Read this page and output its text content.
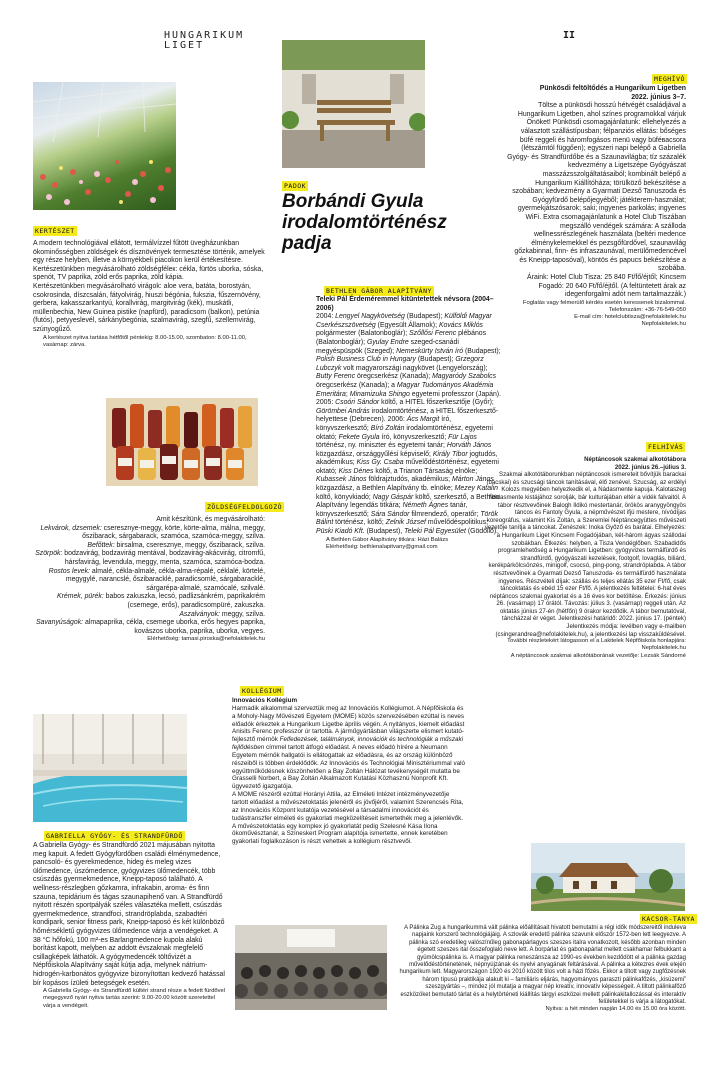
HUNGARIKUM
LIGET
II
KERTÉSZET

A modern technológiával ellátott, termálvízzel fűtött üvegházunkban ökominősségben zöldségek és dísznövények termesztése történik, amelyek egy része helyben, illetve a környékbeli piacokon kerül értékesítésre.

Kertészetünkben megvásárolható zöldségféleк: cékla, fürtös uborka, sóska, spenót, TV paprika, zöld erős paprika, zöld kápia.

Kertészetünkben megvásárolható virágok: aloe vera, batáta, borostyán, csokrosinda, díszcsalán, fátyolvirág, hiuszi bégónia, fukszia, fűszernövény, gerbera, kakasszarkantyú, korallvirág, margitvirág (kék), muskátli, müllenbechia, New Guinea pistike (napfürd), paradicsom (balkon), petúnia (futós), petyyeslevél, sárkánybegónia, szalmavirág, szegfű, szellemvirág, szúnyogűző.

A kertészet nyitva tartása hétfőtől péntekig: 8.00-15.00, szombaton: 8.00-11.00, vasárnap: zárva.

ZÖLDSÉGFELDOLGOZÓ

Amit készítünk, és megvásárolható:

Lekvárok, dzsemek: cseresznye-meggy, körte, körte-alma, málna, meggy, őszibarack, sárgabarack, szamóca, szamóca-meggy, szilva.

Befőttek: birsalma, cseresznye, meggy, őszibarack, szilva.

Szörpök: bodzavirág, bodzavirág mentával, bodzavirág-akácvirág, citromfű, hársfavirág, levendula, meggy, menta, szamóca, szamóca-bodza.

Rostos levek: almalé, cékla-almalé, cékla-alma-répalé, céklalé, körtelé, megygylé, narancslé, őszibaracklé, paradicsomlé, sárgabaracklé, sárgarépa-almalé, szamócalé, szilvalé.

Krémek, pürék: babos zakuszka, lecsó, padlizsánkrém, paprikakrém (csemege, erős), paradicsompüré, zakuszka.

Aszalványok: meggy, szilva.

Savanyúságok: almapaprika, cékla, csemege uborka, erős hegyes paprika, kovászos uborka, paprika, uborka, vegyes.

Elérhetőség: tamasi.piroska@nefolakitelek.hu

GABRIELLA GYÓGY- ÉS STRANDFÜRDŐ

A Gabriella Gyógy- és Strandfürdő 2021 májusában nyitotta meg kapuit. A fedett Gyógyfürdőben családi élménymedence, pancsoló- és gyerekmedence, hideg és meleg vizes ülőmedence, úszómedence, gyógyvizes ülőmedencék, több csúszdás gyermekmedence, Kneipp-taposó található. A wellness-részlegben gőzkamra, infrakabin, aroma- és finn szauna, tepidárium és tágas szaunapihenő van. A Strandfürdő nyitott részén sportpályák széles választéka mellett, csúszdás gyermekmedence, strandfoci, strandröplabda, szabadtéri kondipark, senior fitness park, Kneipp-taposó és két különböző hőmérsékletű gyógyvizes ülőmedence várja a vendégeket. A 38 °C hőfokú, 100 m²-es Barlangmedence kupola alakú borítást kapott, melyben az addott évszaknak megfelelő csillagképek láthatók. A gyógymedencék töltővizét a Népfőiskola Alapítvány saját kútja adja, melynek nátrium-hidrogén-karbonátos gyógyvize bizonyítottan kedvező hatással bír kopásos ízületi betegségek esetén.

A Gabriella Gyógy- és Strandfürdő kültéri strand része a fedett fürdővel megegyező nyári nyitva tartás szerint: 9.00-20.00 között szeretettel várja a vendégeit.

PADOK
Borbándi Gyula
irodalomtörténész
padja
BETHLEN GÁBOR ALAPÍTVÁNY

Teleki Pál Érdeméremmel kitüntetettek névsora (2004–2006)

2004: Lengyel Nagykövetség (Budapest); Külföldi Magyar Cserkészszövetség (Egyesült Államok); Kovács Miklós polgármester (Balatonboglár); Szőllősi Ferenc plébános (Balatonboglár); Gyulay Endre szeged-csanádi megyéspüspök (Szeged); Nemeskürty István író (Budapest); Polish Business Club in Hungary (Budapest); Grzegorz Lubczyk volt magyarországi nagykövet (Lengyelország); Butty Ferenc öregcserkész (Kanada); Magyaródy Szabolcs öregcserkész (Kanada); a Magyar Tudományos Akadémia Emeritára; Minamizuka Shingo egyetemi professzor (Japán). 2005: Csoóri Sándor költő, a HITEL főszerkesztője (Győr); Görömbei András irodalomtörténész, a HITEL főszerkesztő-helyettese (Debrecen). 2006: Ács Margit író, könyvszerkesztő; Bíró Zoltán irodalomtörténész, egyetemi oktató; Fekete Gyula író, könyvszerkesztő; Für Lajos történész, ny. miniszter és egyetemi tanár; Horváth János közgazdász, országgyűlési képviselő; Király Tibor jogtudós, akadémikus; Kiss Gy. Csaba művelődéstörténész, egyetemi oktató; Kiss Dénes költő, a Trianon Társaság elnöke; Kubassek János földrajztudós, akadémikus; Márton János közgazdász, a Bethlen Alapítvány tb. elnöke; Mezey Katalin költő, könyvkiadó; Nagy Gáspár költő, szerkesztő, a Bethlen Alapítvány legendás titkára; Németh Ágnes tanár, könyvszerkesztő; Sára Sándor filmrendező, operatőr; Török Bálint történész, költő; Zelnik József művelődéspolitikus; Püski Kiadó Kft. (Budapest), Teleki Pál Egyesület (Gödöllő).

A Bethlen Gábor Alapítvány titkára: Házi Balázs

Elérhetőség: bethlenalapitvany@gmail.com

KOLLÉGIUM

Innovációs Kollégium

Harmadik alkalommal szerveztük meg az Innovációs Kollégiumot. A Népfőiskola és a Moholy-Nagy Művészeti Egyetem (MOME) közös szervezésében ezúttal is neves előadók érkeztek a Hungarikum Ligetbe április végén. A nyitányos, kiemelt előadást Anisits Ferenc professzor úr tartotta. A járműgyártásban világszerte elismert kutató-fejlesztő mérnök Felfedezések, találmányok, innovációk és technológiák a műszaki fejlődésben címmel tartott átfogó előadást. A neves előadó hírére a Neumann Egyetem mérnök hallgatói is ellátogattak az előadásra, és az ország különböző részeiből is többen érdeklődők. Az Innovációs és Technológiai Minisztériummal való együttműködésnek köszönhetően a Bay Zoltán Hálózat tevékenységét mutatta be Grasselli Norbert, a Bay Zoltán Alkalmazott Kutatási Közhasznú Nonprofit Kft. ügyvezető igazgatója.

A MOME részéről ezúttal Horányi Attila, az Elméleti Intézet intézményvezetője tartott előadást a művészetoktatás jelenéről és jövőjéről, valamint Szerencsés Rita, az Innovációs Központ kutatója vezetésével a társadalmi innovációt és tudástranszfer elméleti és gyakorlati megközelítéseit ismertethék meg a jelenlévők. A művészetoktatás egy komplex jó gyakorlatát pedig Szelesné Kása Ilona ökoművésztanár, a Színeskert Program alapítója ismertette, ennek keretében gyakorlati foglalkozáson is részt vehettek a kollégium résztvevői.

MEGHÍVÓ

Pünkösdi feltöltődés a Hungarikum Ligetben

2022. június 3–7.

Töltse a pünkösdi hosszú hétvégét családjával a Hungarikum Ligetben, ahol színes programokkal várjuk Önöket! Pünkösdi csomagajánlatunk: ellehelyezés a választott szállástípusban; félpanziós ellátás: bőséges büfé reggeli és háromfogásos menü vagy büféвacsora (létszámtól függően); egyszeri napi belépő a Gabriella Gyógy- és Strandfürdőbe és a Szaunavilágba; tíz százalék kedvezmény a Ligetszépe Gyógyászat masszázsszolgáltatásaiból; kombinált belépő a Hungarikum Kiállítóháza; törülköző bekészítése a szobában; kedvezmény a Gyarmati Dezső Tanuszoda és Gyógyfürdő belépőjegyéből; játékterem-használat; gyermekjátszósarok; saki; ingyenes parkolás; ingyenes WiFi. Extra csomagajánlatunk a Hotel Club Tiszában megszálló vendégek számára: A szálloda wellnessrészlegének használata (beltéri medence élménykelemekkel és pezsgőfürdővel, szaunavilág gőzkabinnal, finn- és infraszaunával, merülőmedencével és Kneipp-taposóval), köntös és papucs bekészítése a szobába.

Áraink: Hotel Club Tisza: 25 840 Ft/fő/éjtől; Kincsem Fogadó: 20 640 Ft/fő/éjtől. (A feltüntetett árak az idegenforgalmi adót nem tartalmazzák.)

Foglalás vagy felmerülő kérdés esetén keressenek bizalommal.

Telefonszám: +36-76-549-050

E-mail cím: hotelclubtisza@nefolakitelek.hu

Nepfolakitelek.hu

FELHÍVÁS

Néptáncosok szakmai alkotótábora

2022. június 26.–július 3.

Szakmai alkotótáborunkban néptáncosok ismereteit bővítjük barackai (bácskai) és szucsági táncok tanításával, élő zenével. Szucság, az erdélyi Kolozs megyében helyezkedik el, a Nádasmente kapuja. Kalotaszeg Nádasmente kistájához sorolják, bár kulturájában eltér a vidék falvaitól. A tábor résztvevőinek Balogh Ildikó mestertanár, örökös aranygyöngyös táncos és Fantoly Gyula, a népművészet ifjú mestere, nívódíjas koreográfus, valamint Kis Zoltán, a Szeremlei Néptáncegyüttes művészeti vezetője tanítja a táncokat. Zenészek: Inoka Győző és barátai. Elhelyezés: a Hungarikum Liget Kincsem Fogadójában, két-három ágyas szállodai szobákban. Étkezés: helyben, a Tisza Vendéglőben. Szabadidős programlehetőség a Hungarikum Ligetben: gyógyvizes termálfürdő és strandfürdő, gyógyászati kezelések, footgolf, lovaglás, biliárd, kerékpárkölcsönzés, minigolf, csocsó, ping-pong, strandröplabda. A tábor résztvevőinek a Gyarmati Dezső Tanuszoda- és termálfürdő használata ingyenes. Részvételi díjak: szállás és teljes ellátás 35 ezer Ft/fő, csak táncoktatás és ebéd 15 ezer Ft/fő. A jelentkezés feltételei: 6-hat éves néptáncos szakmai gyakorlat és a 16 éves kor betöltése. Érkezés: június 26. (vasárnap) 17 órától. Távozás: július 3. (vasárnap) reggeli után. Az oktatás június 27-én (hétfőn) 9 órakor kezdődik. A tábor bemutatóval, táncházzal ér véget. Jelentkezési határidő: 2022. június 17. (péntek) Jelentkezés módja: levélben vagy e-mailben (csingerandrea@nefolakitelek.hu), a jelentkezési lap visszaküldésével.

További részletekért látogasson el a Lakitelek Népfőiskola honlapjára: Nepfolakitelek.hu

A néptáncosok szakmai alkotótáborának vezetője: Lezsák Sándorné

KACSOR-TANYA

A Pálinka Zug a hungarikummá vált pálinka előállításait hivatott bemutatni a régi idők módszereitől induleva napjaink korszerű technológiájáig. A szlovák eredetű pálinka szavunk először 1572-ben lett leegyezve. A pálinka szó eredetileg valószínűleg gabonapárlagyos szeszes italra vonatkozott, később azonban minden égetett szeszes ital összefoglaló neve lett. A borpárlat és gabonapárlat mellett csakhamar felbukkant a gyümölcspálinka is. A magyar pálinka reneszánsza az 1990-es években kezdődött el a pálinka gazdag művelődéstörténetének, népnyújzának és nyelvi anyagának feltárásával. A pálinka a kétezres évek elején hungarikum lett. Magyarországon 1920 és 2010 között tilos volt a házi főzés. Ekkor a tiltott vagy zugfőzésnek három típusú praktikája alakult ki – familiáris eljárás, hagyományos parasztí pálinkafőzés, „kisüzemi” szeszgyártás –, mindez jól mutatja a magyar nép kreatív, innovatív képességeit. A tiltott pálinkafőző eszközöket bemutató tárlat és a helytörténeti kiállítás tárgyi eszközei mellett pálinkakitallozással és interaktív felületekkel is várja a látogatókat.

Nyitva: a hét minden napján 14.00 és 15.00 óra között.
